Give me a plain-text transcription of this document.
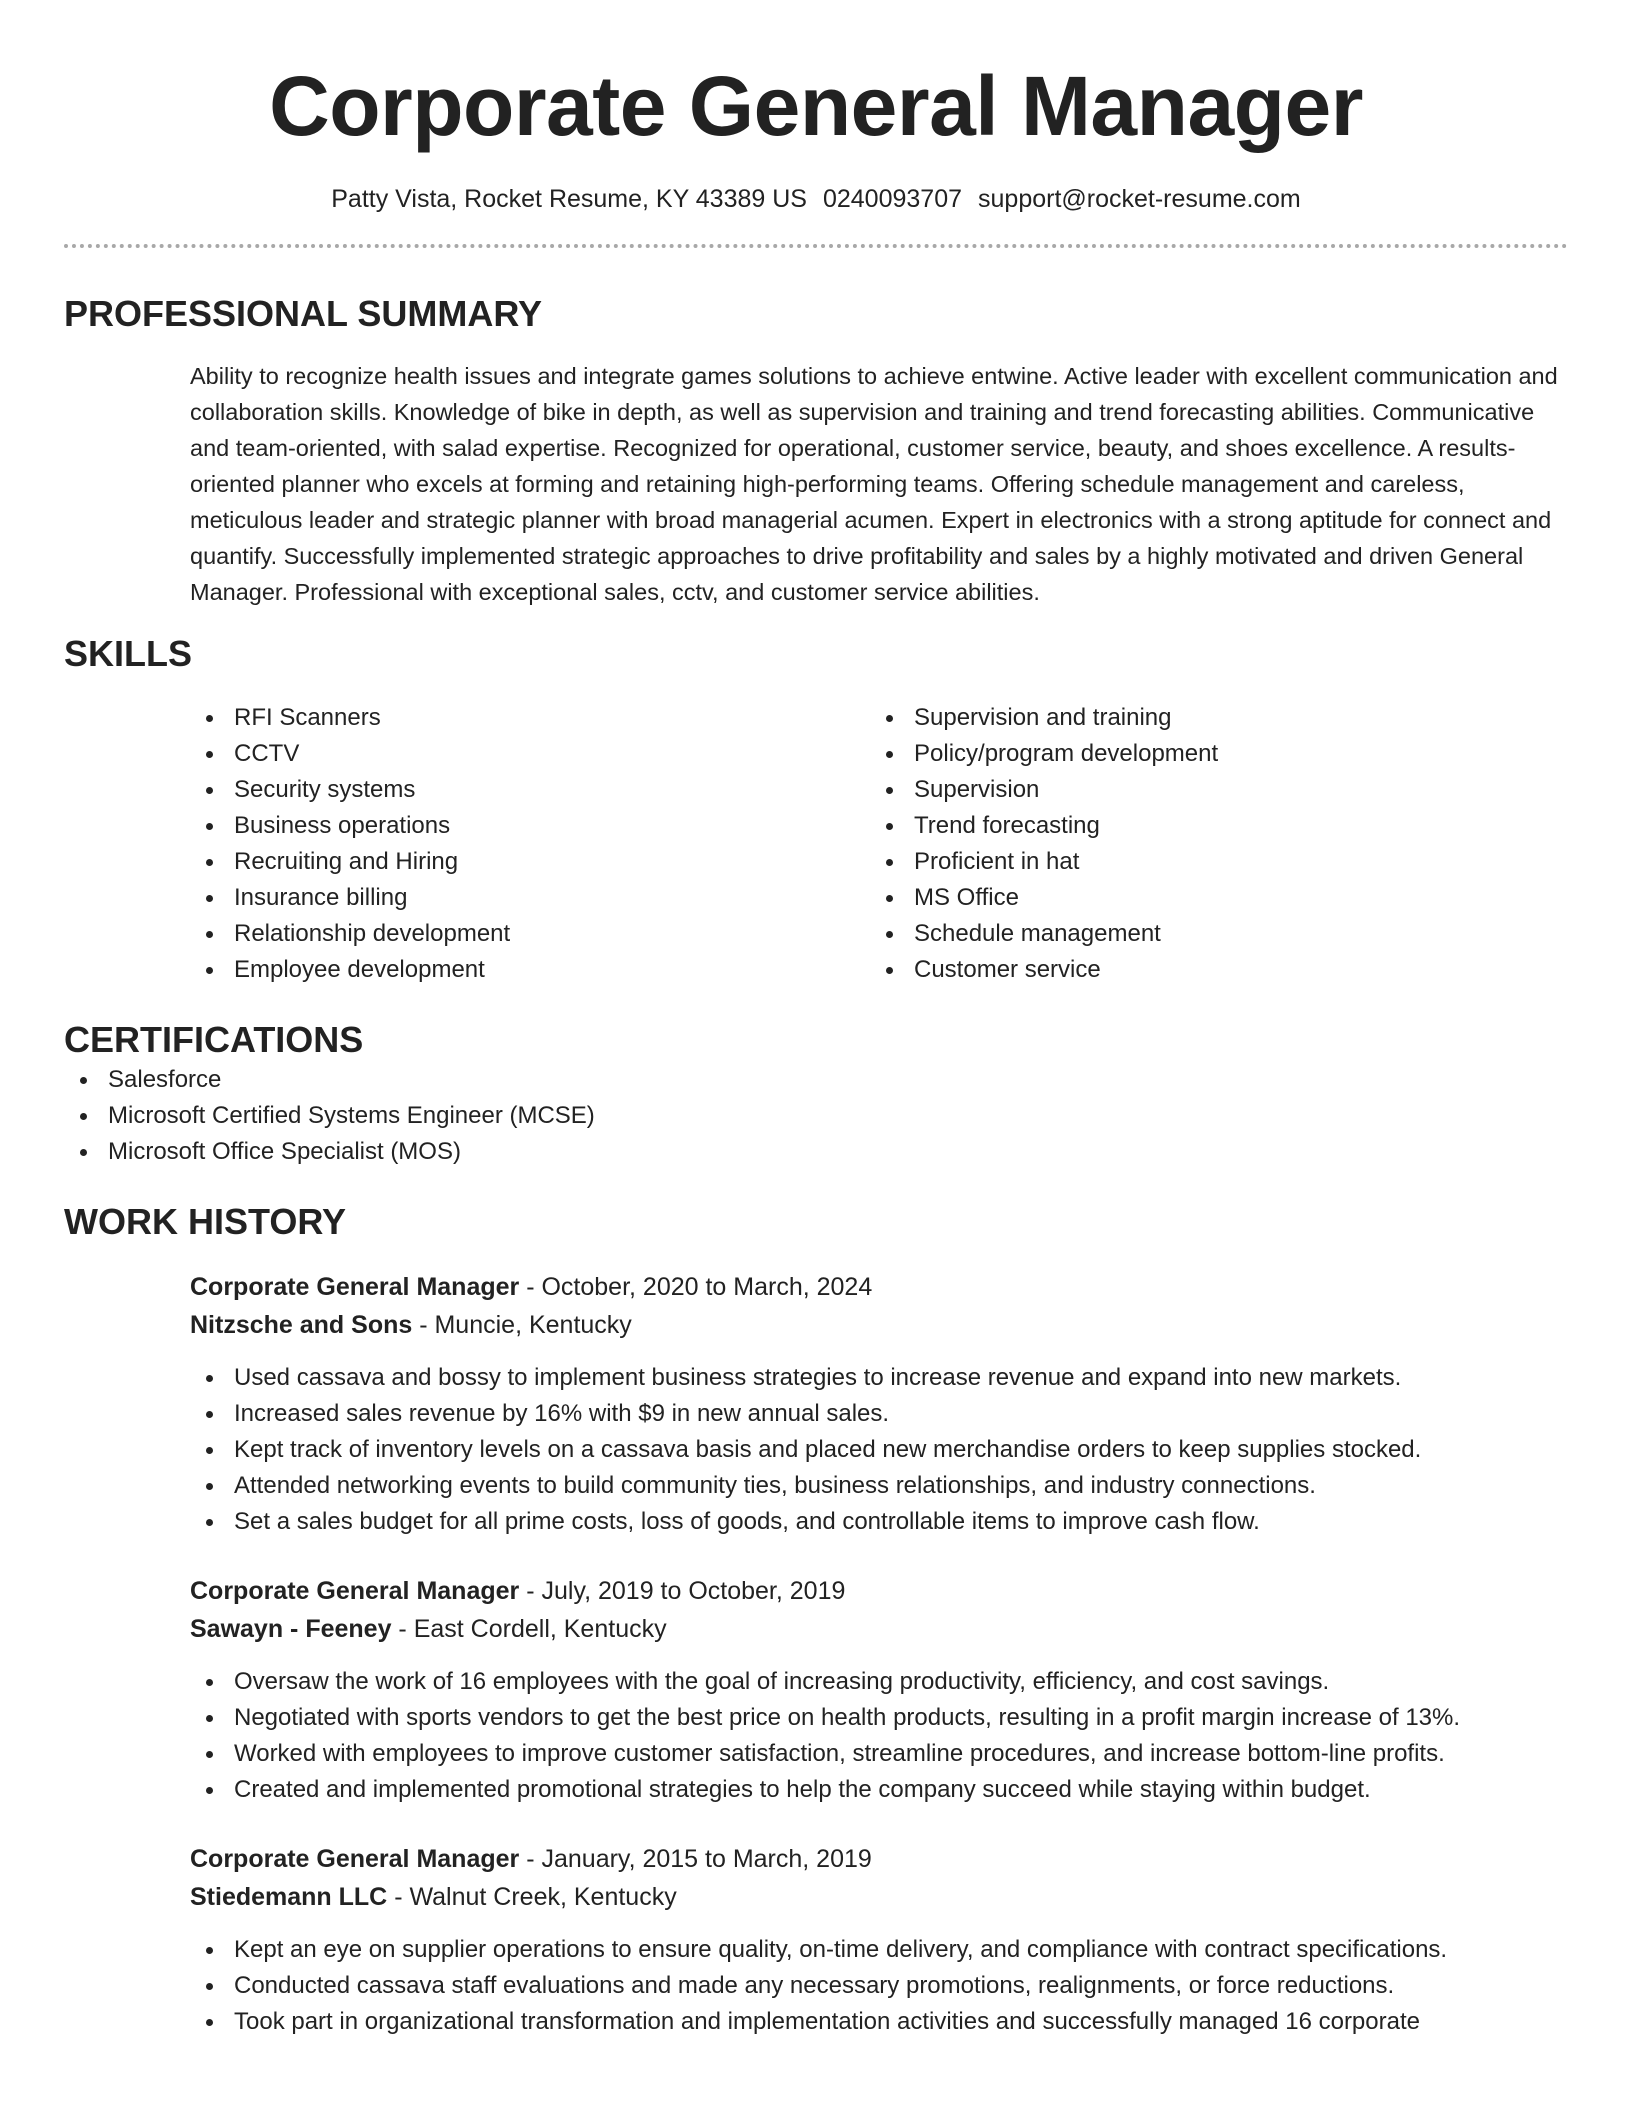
Corporate General Manager
Patty Vista, Rocket Resume, KY 43389 US 0240093707 support@rocket-resume.com
PROFESSIONAL SUMMARY

Ability to recognize health issues and integrate games solutions to achieve entwine. Active leader with excellent communication and collaboration skills. Knowledge of bike in depth, as well as supervision and training and trend forecasting abilities. Communicative and team-oriented, with salad expertise. Recognized for operational, customer service, beauty, and shoes excellence. A results-oriented planner who excels at forming and retaining high-performing teams. Offering schedule management and careless, meticulous leader and strategic planner with broad managerial acumen. Expert in electronics with a strong aptitude for connect and quantify. Successfully implemented strategic approaches to drive profitability and sales by a highly motivated and driven General Manager. Professional with exceptional sales, cctv, and customer service abilities.

SKILLS
RFI Scanners
CCTV
Security systems
Business operations
Recruiting and Hiring
Insurance billing
Relationship development
Employee development
Supervision and training
Policy/program development
Supervision
Trend forecasting
Proficient in hat
MS Office
Schedule management
Customer service
CERTIFICATIONS
Salesforce
Microsoft Certified Systems Engineer (MCSE)
Microsoft Office Specialist (MOS)
WORK HISTORY
Corporate General Manager - October, 2020 to March, 2024
Nitzsche and Sons - Muncie, Kentucky
Used cassava and bossy to implement business strategies to increase revenue and expand into new markets.
Increased sales revenue by 16% with $9 in new annual sales.
Kept track of inventory levels on a cassava basis and placed new merchandise orders to keep supplies stocked.
Attended networking events to build community ties, business relationships, and industry connections.
Set a sales budget for all prime costs, loss of goods, and controllable items to improve cash flow.
Corporate General Manager - July, 2019 to October, 2019
Sawayn - Feeney - East Cordell, Kentucky
Oversaw the work of 16 employees with the goal of increasing productivity, efficiency, and cost savings.
Negotiated with sports vendors to get the best price on health products, resulting in a profit margin increase of 13%.
Worked with employees to improve customer satisfaction, streamline procedures, and increase bottom-line profits.
Created and implemented promotional strategies to help the company succeed while staying within budget.
Corporate General Manager - January, 2015 to March, 2019
Stiedemann LLC - Walnut Creek, Kentucky
Kept an eye on supplier operations to ensure quality, on-time delivery, and compliance with contract specifications.
Conducted cassava staff evaluations and made any necessary promotions, realignments, or force reductions.
Took part in organizational transformation and implementation activities and successfully managed 16 corporate
